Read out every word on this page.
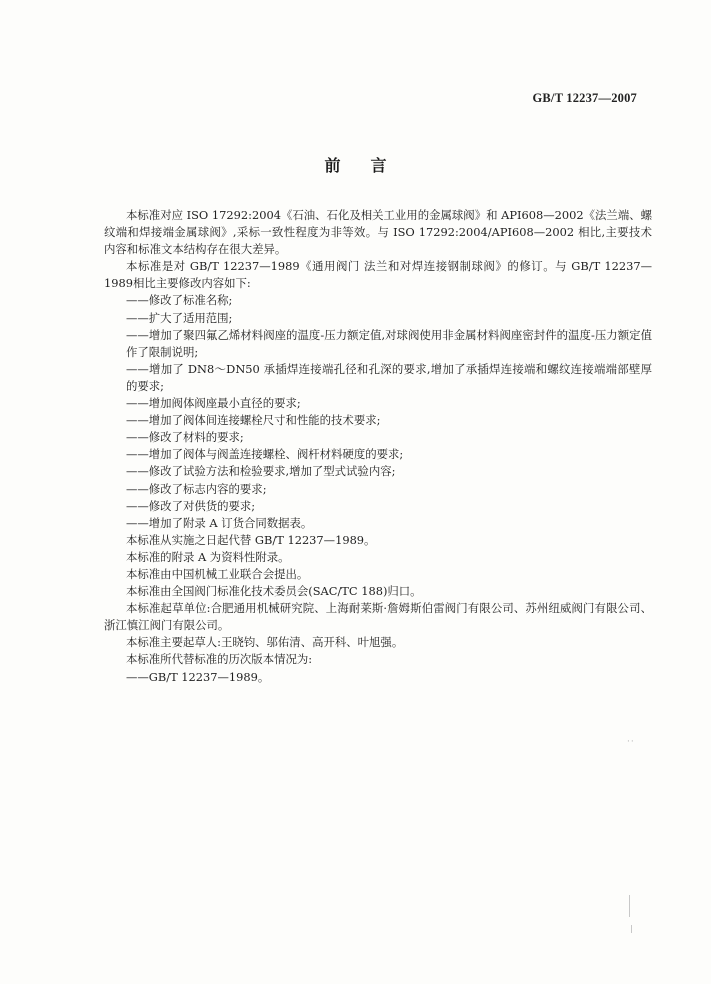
GB/T 12237—2007
前言

本标准对应 ISO 17292:2004《石油、石化及相关工业用的金属球阀》和 API608—2002《法兰端、螺纹端和焊接端金属球阀》,采标一致性程度为非等效。与 ISO 17292:2004/API608—2002 相比,主要技术内容和标准文本结构存在很大差异。

本标准是对 GB/T 12237—1989《通用阀门 法兰和对焊连接钢制球阀》的修订。与 GB/T 12237—1989相比主要修改内容如下:

——修改了标准名称;

——扩大了适用范围;

——增加了聚四氟乙烯材料阀座的温度-压力额定值,对球阀使用非金属材料阀座密封件的温度-压力额定值作了限制说明;

——增加了 DN8～DN50 承插焊连接端孔径和孔深的要求,增加了承插焊连接端和螺纹连接端端部壁厚的要求;

——增加阀体阀座最小直径的要求;

——增加了阀体间连接螺栓尺寸和性能的技术要求;

——修改了材料的要求;

——增加了阀体与阀盖连接螺栓、阀杆材料硬度的要求;

——修改了试验方法和检验要求,增加了型式试验内容;

——修改了标志内容的要求;

——修改了对供货的要求;

——增加了附录 A 订货合同数据表。

本标准从实施之日起代替 GB/T 12237—1989。

本标准的附录 A 为资料性附录。

本标准由中国机械工业联合会提出。

本标准由全国阀门标准化技术委员会(SAC/TC 188)归口。

本标准起草单位:合肥通用机械研究院、上海耐莱斯·詹姆斯伯雷阀门有限公司、苏州纽威阀门有限公司、浙江慎江阀门有限公司。

本标准主要起草人:王晓钧、邬佑清、高开科、叶旭强。

本标准所代替标准的历次版本情况为:

——GB/T 12237—1989。

··
